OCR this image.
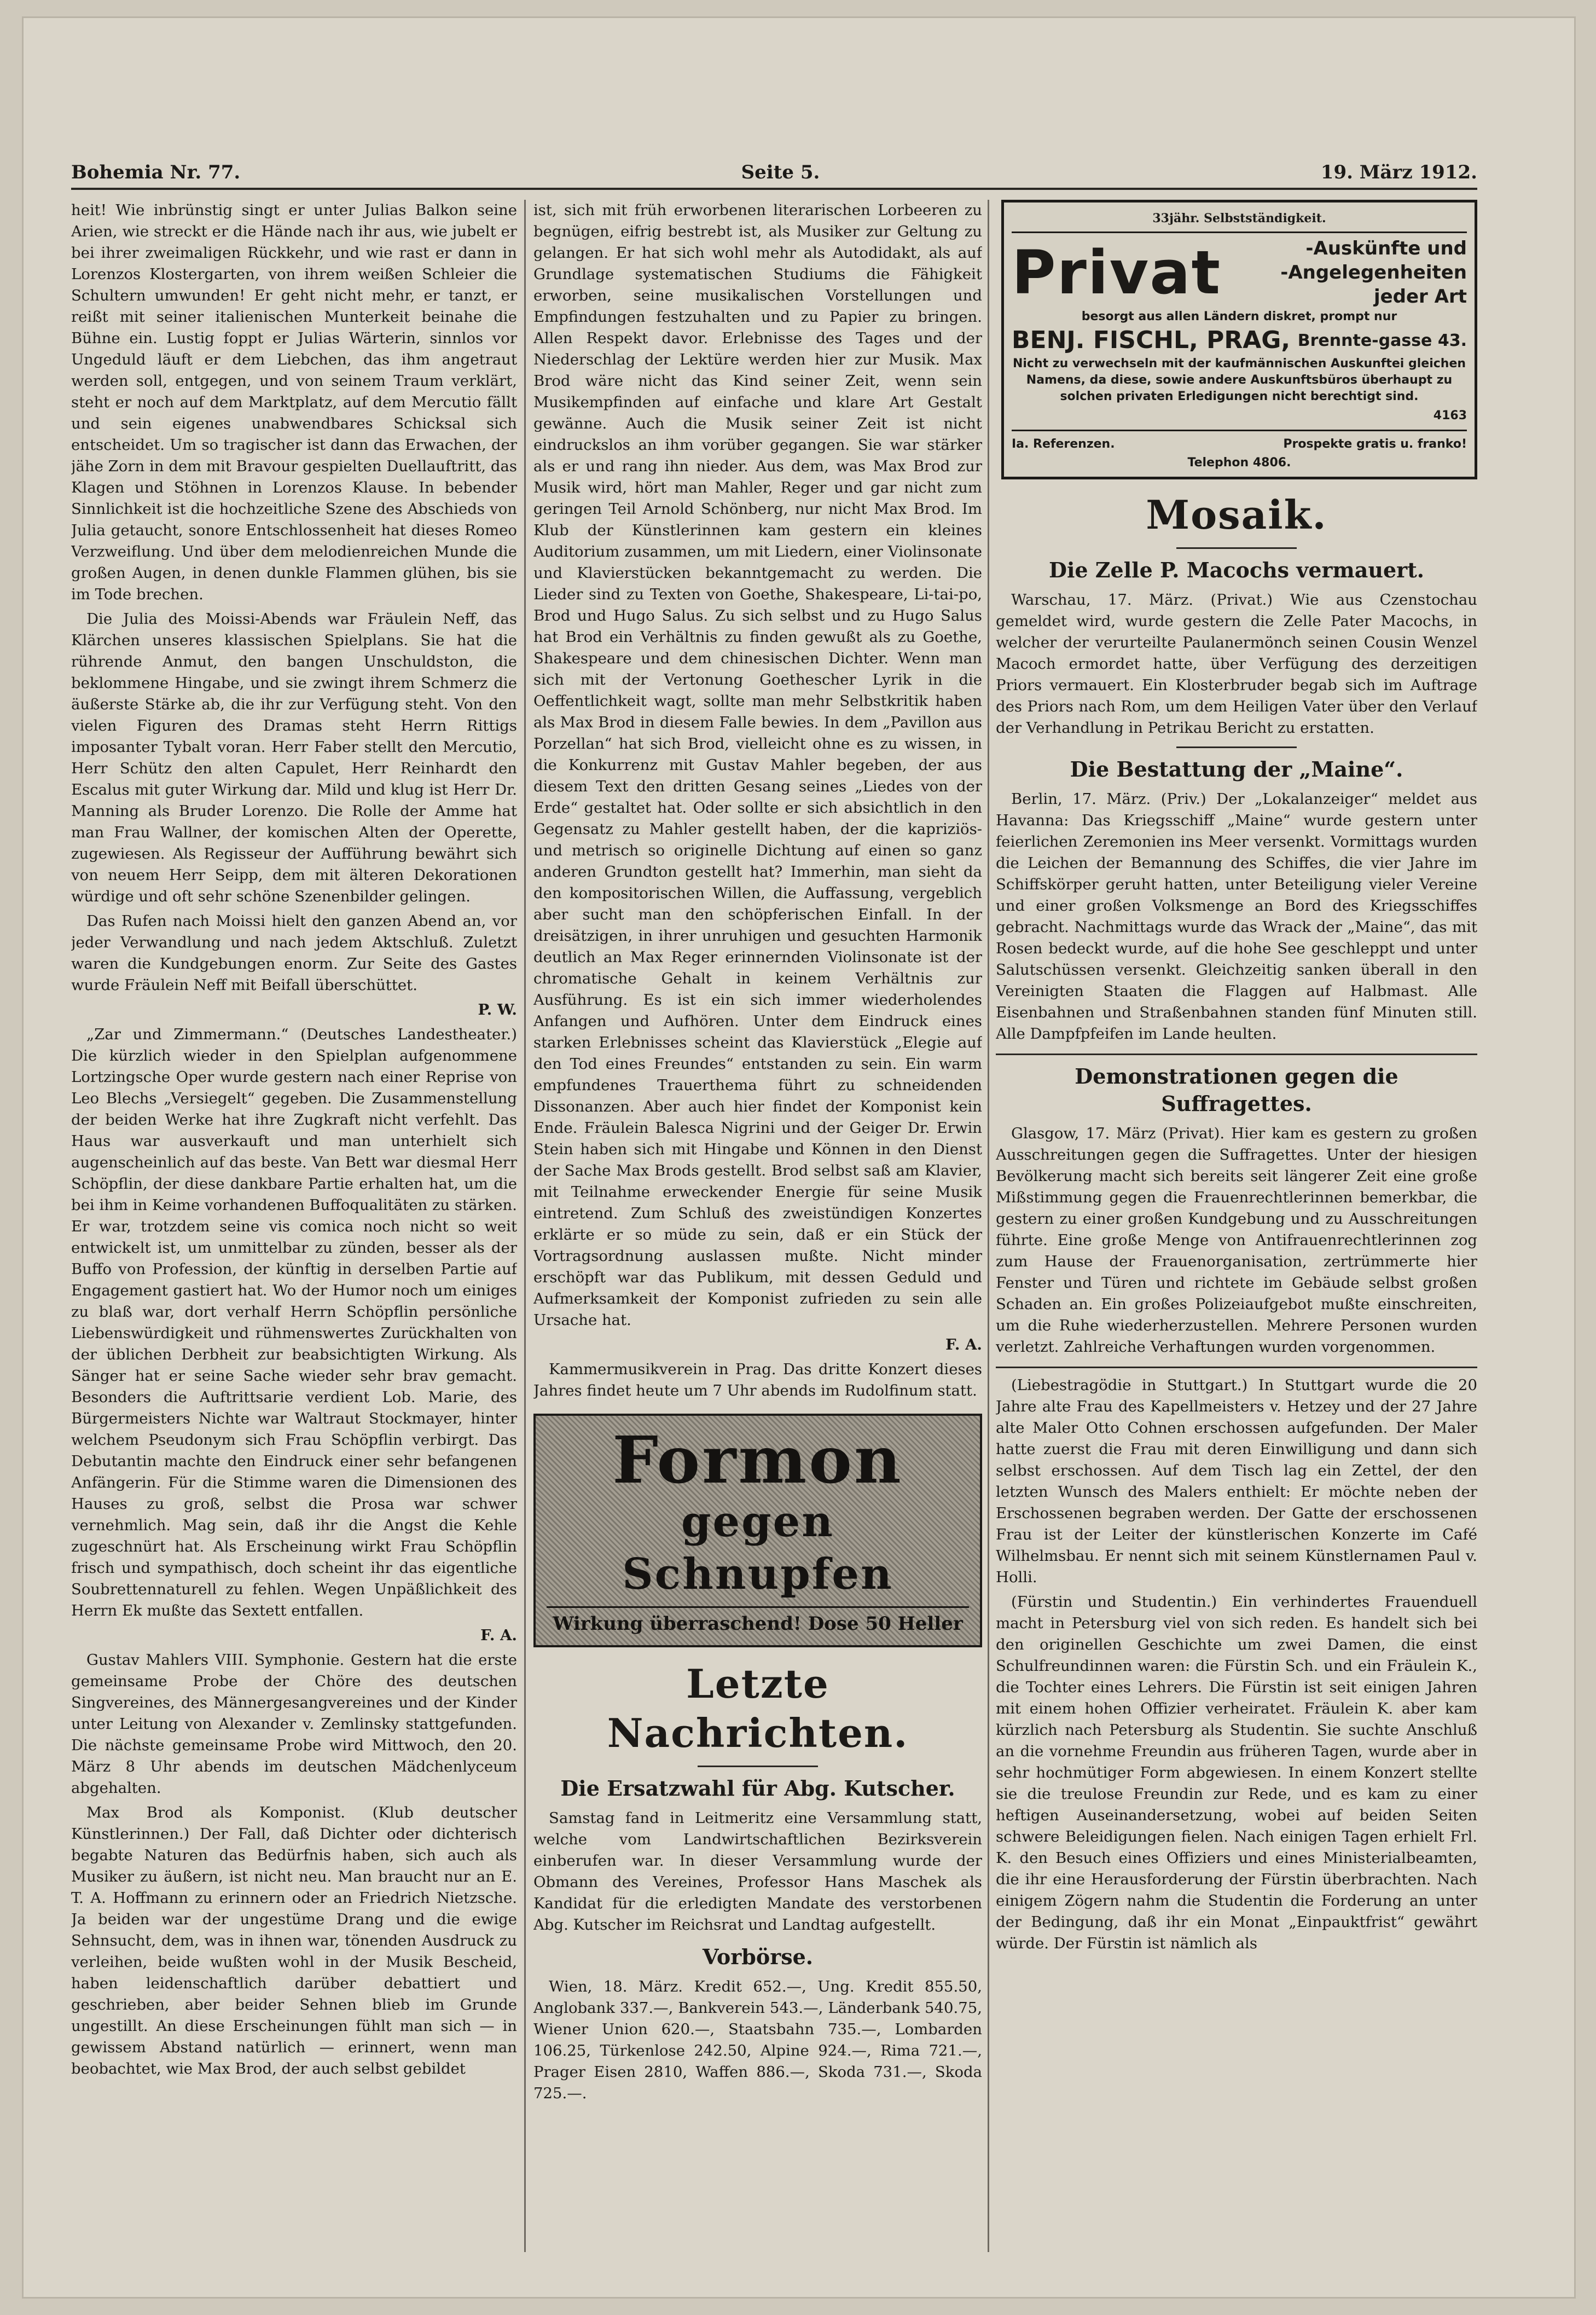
Bohemia Nr. 77.	Seite 5.	19. März 1912.

heit! Wie inbrünstig singt er unter Julias Balkon seine Arien, wie streckt er die Hände nach ihr aus, wie jubelt er bei ihrer zweimaligen Rückkehr, und wie rast er dann in Lorenzos Klostergarten, von ihrem weißen Schleier die Schultern umwunden! Er geht nicht mehr, er tanzt, er reißt mit seiner italienischen Munterkeit beinahe die Bühne ein. Lustig foppt er Julias Wärterin, sinnlos vor Ungeduld läuft er dem Liebchen, das ihm angetraut werden soll, entgegen, und von seinem Traum verklärt, steht er noch auf dem Marktplatz, auf dem Mercutio fällt und sein eigenes unabwendbares Schicksal sich entscheidet. Um so tragischer ist dann das Erwachen, der jähe Zorn in dem mit Bravour gespielten Duellauftritt, das Klagen und Stöhnen in Lorenzos Klause. In bebender Sinnlichkeit ist die hochzeitliche Szene des Abschieds von Julia getaucht, sonore Entschlossenheit hat dieses Romeo Verzweiflung. Und über dem melodienreichen Munde die großen Augen, in denen dunkle Flammen glühen, bis sie im Tode brechen.

Die Julia des Moissi-Abends war Fräulein Neff, das Klärchen unseres klassischen Spielplans. Sie hat die rührende Anmut, den bangen Unschuldston, die beklommene Hingabe, und sie zwingt ihrem Schmerz die äußerste Stärke ab, die ihr zur Verfügung steht. Von den vielen Figuren des Dramas steht Herrn Rittigs imposanter Tybalt voran. Herr Faber stellt den Mercutio, Herr Schütz den alten Capulet, Herr Reinhardt den Escalus mit guter Wirkung dar. Mild und klug ist Herr Dr. Manning als Bruder Lorenzo. Die Rolle der Amme hat man Frau Wallner, der komischen Alten der Operette, zugewiesen. Als Regisseur der Aufführung bewährt sich von neuem Herr Seipp, dem mit älteren Dekorationen würdige und oft sehr schöne Szenenbilder gelingen.

Das Rufen nach Moissi hielt den ganzen Abend an, vor jeder Verwandlung und nach jedem Aktschluß. Zuletzt waren die Kundgebungen enorm. Zur Seite des Gastes wurde Fräulein Neff mit Beifall überschüttet.

P. W.

„Zar und Zimmermann.“ (Deutsches Landestheater.) Die kürzlich wieder in den Spielplan aufgenommene Lortzingsche Oper wurde gestern nach einer Reprise von Leo Blechs „Versiegelt“ gegeben. Die Zusammenstellung der beiden Werke hat ihre Zugkraft nicht verfehlt. Das Haus war ausverkauft und man unterhielt sich augenscheinlich auf das beste. Van Bett war diesmal Herr Schöpflin, der diese dankbare Partie erhalten hat, um die bei ihm in Keime vorhandenen Buffoqualitäten zu stärken. Er war, trotzdem seine vis comica noch nicht so weit entwickelt ist, um unmittelbar zu zünden, besser als der Buffo von Profession, der künftig in derselben Partie auf Engagement gastiert hat. Wo der Humor noch um einiges zu blaß war, dort verhalf Herrn Schöpflin persönliche Liebenswürdigkeit und rühmenswertes Zurückhalten von der üblichen Derbheit zur beabsichtigten Wirkung. Als Sänger hat er seine Sache wieder sehr brav gemacht. Besonders die Auftrittsarie verdient Lob. Marie, des Bürgermeisters Nichte war Waltraut Stockmayer, hinter welchem Pseudonym sich Frau Schöpflin verbirgt. Das Debutantin machte den Eindruck einer sehr befangenen Anfängerin. Für die Stimme waren die Dimensionen des Hauses zu groß, selbst die Prosa war schwer vernehmlich. Mag sein, daß ihr die Angst die Kehle zugeschnürt hat. Als Erscheinung wirkt Frau Schöpflin frisch und sympathisch, doch scheint ihr das eigentliche Soubrettennaturell zu fehlen. Wegen Unpäßlichkeit des Herrn Ek mußte das Sextett entfallen.

F. A.

Gustav Mahlers VIII. Symphonie. Gestern hat die erste gemeinsame Probe der Chöre des deutschen Singvereines, des Männergesangvereines und der Kinder unter Leitung von Alexander v. Zemlinsky stattgefunden. Die nächste gemeinsame Probe wird Mittwoch, den 20. März 8 Uhr abends im deutschen Mädchenlyceum abgehalten.

Max Brod als Komponist. (Klub deutscher Künstlerinnen.) Der Fall, daß Dichter oder dichterisch begabte Naturen das Bedürfnis haben, sich auch als Musiker zu äußern, ist nicht neu. Man braucht nur an E. T. A. Hoffmann zu erinnern oder an Friedrich Nietzsche. Ja beiden war der ungestüme Drang und die ewige Sehnsucht, dem, was in ihnen war, tönenden Ausdruck zu verleihen, beide wußten wohl in der Musik Bescheid, haben leidenschaftlich darüber debattiert und geschrieben, aber beider Sehnen blieb im Grunde ungestillt. An diese Erscheinungen fühlt man sich — in gewissem Abstand natürlich — erinnert, wenn man beobachtet, wie Max Brod, der auch selbst gebildet

ist, sich mit früh erworbenen literarischen Lorbeeren zu begnügen, eifrig bestrebt ist, als Musiker zur Geltung zu gelangen. Er hat sich wohl mehr als Autodidakt, als auf Grundlage systematischen Studiums die Fähigkeit erworben, seine musikalischen Vorstellungen und Empfindungen festzuhalten und zu Papier zu bringen. Allen Respekt davor. Erlebnisse des Tages und der Niederschlag der Lektüre werden hier zur Musik. Max Brod wäre nicht das Kind seiner Zeit, wenn sein Musikempfinden auf einfache und klare Art Gestalt gewänne. Auch die Musik seiner Zeit ist nicht eindruckslos an ihm vorüber gegangen. Sie war stärker als er und rang ihn nieder. Aus dem, was Max Brod zur Musik wird, hört man Mahler, Reger und gar nicht zum geringen Teil Arnold Schönberg, nur nicht Max Brod. Im Klub der Künstlerinnen kam gestern ein kleines Auditorium zusammen, um mit Liedern, einer Violinsonate und Klavierstücken bekanntgemacht zu werden. Die Lieder sind zu Texten von Goethe, Shakespeare, Li-tai-po, Brod und Hugo Salus. Zu sich selbst und zu Hugo Salus hat Brod ein Verhältnis zu finden gewußt als zu Goethe, Shakespeare und dem chinesischen Dichter. Wenn man sich mit der Vertonung Goethescher Lyrik in die Oeffentlichkeit wagt, sollte man mehr Selbstkritik haben als Max Brod in diesem Falle bewies. In dem „Pavillon aus Porzellan“ hat sich Brod, vielleicht ohne es zu wissen, in die Konkurrenz mit Gustav Mahler begeben, der aus diesem Text den dritten Gesang seines „Liedes von der Erde“ gestaltet hat. Oder sollte er sich absichtlich in den Gegensatz zu Mahler gestellt haben, der die kapriziös- und metrisch so originelle Dichtung auf einen so ganz anderen Grundton gestellt hat? Immerhin, man sieht da den kompositorischen Willen, die Auffassung, vergeblich aber sucht man den schöpferischen Einfall. In der dreisätzigen, in ihrer unruhigen und gesuchten Harmonik deutlich an Max Reger erinnernden Violinsonate ist der chromatische Gehalt in keinem Verhältnis zur Ausführung. Es ist ein sich immer wiederholendes Anfangen und Aufhören. Unter dem Eindruck eines starken Erlebnisses scheint das Klavierstück „Elegie auf den Tod eines Freundes“ entstanden zu sein. Ein warm empfundenes Trauerthema führt zu schneidenden Dissonanzen. Aber auch hier findet der Komponist kein Ende. Fräulein Balesca Nigrini und der Geiger Dr. Erwin Stein haben sich mit Hingabe und Können in den Dienst der Sache Max Brods gestellt. Brod selbst saß am Klavier, mit Teilnahme erweckender Energie für seine Musik eintretend. Zum Schluß des zweistündigen Konzertes erklärte er so müde zu sein, daß er ein Stück der Vortragsordnung auslassen mußte. Nicht minder erschöpft war das Publikum, mit dessen Geduld und Aufmerksamkeit der Komponist zufrieden zu sein alle Ursache hat.

F. A.

Kammermusikverein in Prag. Das dritte Konzert dieses Jahres findet heute um 7 Uhr abends im Rudolfinum statt.

Formon
gegen Schnupfen
Wirkung überraschend! Dose 50 Heller
Letzte Nachrichten.
Die Ersatzwahl für Abg. Kutscher.

Samstag fand in Leitmeritz eine Versammlung statt, welche vom Landwirtschaftlichen Bezirksverein einberufen war. In dieser Versammlung wurde der Obmann des Vereines, Professor Hans Maschek als Kandidat für die erledigten Mandate des verstorbenen Abg. Kutscher im Reichsrat und Landtag aufgestellt.

Vorbörse.

Wien, 18. März. Kredit 652.—, Ung. Kredit 855.50, Anglobank 337.—, Bankverein 543.—, Länderbank 540.75, Wiener Union 620.—, Staatsbahn 735.—, Lombarden 106.25, Türkenlose 242.50, Alpine 924.—, Rima 721.—, Prager Eisen 2810, Waffen 886.—, Skoda 731.—, Skoda 725.—.

33jähr. Selbstständigkeit.
Privat	-Auskünfte und
-Angelegenheiten
jeder Art
besorgt aus allen Ländern diskret, prompt nur
BENJ. FISCHL, PRAG, Brennte-gasse 43.
Nicht zu verwechseln mit der kaufmännischen Auskunftei gleichen Namens, da diese, sowie andere Auskunftsbüros überhaupt zu solchen privaten Erledigungen nicht berechtigt sind.
4163
Ia. Referenzen.	Prospekte gratis u. franko!
Telephon 4806.
Mosaik.
Die Zelle P. Macochs vermauert.

Warschau, 17. März. (Privat.) Wie aus Czenstochau gemeldet wird, wurde gestern die Zelle Pater Macochs, in welcher der verurteilte Paulanermönch seinen Cousin Wenzel Macoch ermordet hatte, über Verfügung des derzeitigen Priors vermauert. Ein Klosterbruder begab sich im Auftrage des Priors nach Rom, um dem Heiligen Vater über den Verlauf der Verhandlung in Petrikau Bericht zu erstatten.

Die Bestattung der „Maine“.

Berlin, 17. März. (Priv.) Der „Lokalanzeiger“ meldet aus Havanna: Das Kriegsschiff „Maine“ wurde gestern unter feierlichen Zeremonien ins Meer versenkt. Vormittags wurden die Leichen der Bemannung des Schiffes, die vier Jahre im Schiffskörper geruht hatten, unter Beteiligung vieler Vereine und einer großen Volksmenge an Bord des Kriegsschiffes gebracht. Nachmittags wurde das Wrack der „Maine“, das mit Rosen bedeckt wurde, auf die hohe See geschleppt und unter Salutschüssen versenkt. Gleichzeitig sanken überall in den Vereinigten Staaten die Flaggen auf Halbmast. Alle Eisenbahnen und Straßenbahnen standen fünf Minuten still. Alle Dampfpfeifen im Lande heulten.

Demonstrationen gegen die Suffragettes.

Glasgow, 17. März (Privat). Hier kam es gestern zu großen Ausschreitungen gegen die Suffragettes. Unter der hiesigen Bevölkerung macht sich bereits seit längerer Zeit eine große Mißstimmung gegen die Frauenrechtlerinnen bemerkbar, die gestern zu einer großen Kundgebung und zu Ausschreitungen führte. Eine große Menge von Antifrauenrechtlerinnen zog zum Hause der Frauenorganisation, zertrümmerte hier Fenster und Türen und richtete im Gebäude selbst großen Schaden an. Ein großes Polizeiaufgebot mußte einschreiten, um die Ruhe wiederherzustellen. Mehrere Personen wurden verletzt. Zahlreiche Verhaftungen wurden vorgenommen.

(Liebestragödie in Stuttgart.) In Stuttgart wurde die 20 Jahre alte Frau des Kapellmeisters v. Hetzey und der 27 Jahre alte Maler Otto Cohnen erschossen aufgefunden. Der Maler hatte zuerst die Frau mit deren Einwilligung und dann sich selbst erschossen. Auf dem Tisch lag ein Zettel, der den letzten Wunsch des Malers enthielt: Er möchte neben der Erschossenen begraben werden. Der Gatte der erschossenen Frau ist der Leiter der künstlerischen Konzerte im Café Wilhelmsbau. Er nennt sich mit seinem Künstlernamen Paul v. Holli.

(Fürstin und Studentin.) Ein verhindertes Frauenduell macht in Petersburg viel von sich reden. Es handelt sich bei den originellen Geschichte um zwei Damen, die einst Schulfreundinnen waren: die Fürstin Sch. und ein Fräulein K., die Tochter eines Lehrers. Die Fürstin ist seit einigen Jahren mit einem hohen Offizier verheiratet. Fräulein K. aber kam kürzlich nach Petersburg als Studentin. Sie suchte Anschluß an die vornehme Freundin aus früheren Tagen, wurde aber in sehr hochmütiger Form abgewiesen. In einem Konzert stellte sie die treulose Freundin zur Rede, und es kam zu einer heftigen Auseinandersetzung, wobei auf beiden Seiten schwere Beleidigungen fielen. Nach einigen Tagen erhielt Frl. K. den Besuch eines Offiziers und eines Ministerialbeamten, die ihr eine Herausforderung der Fürstin überbrachten. Nach einigem Zögern nahm die Studentin die Forderung an unter der Bedingung, daß ihr ein Monat „Einpauktfrist“ gewährt würde. Der Fürstin ist nämlich als
